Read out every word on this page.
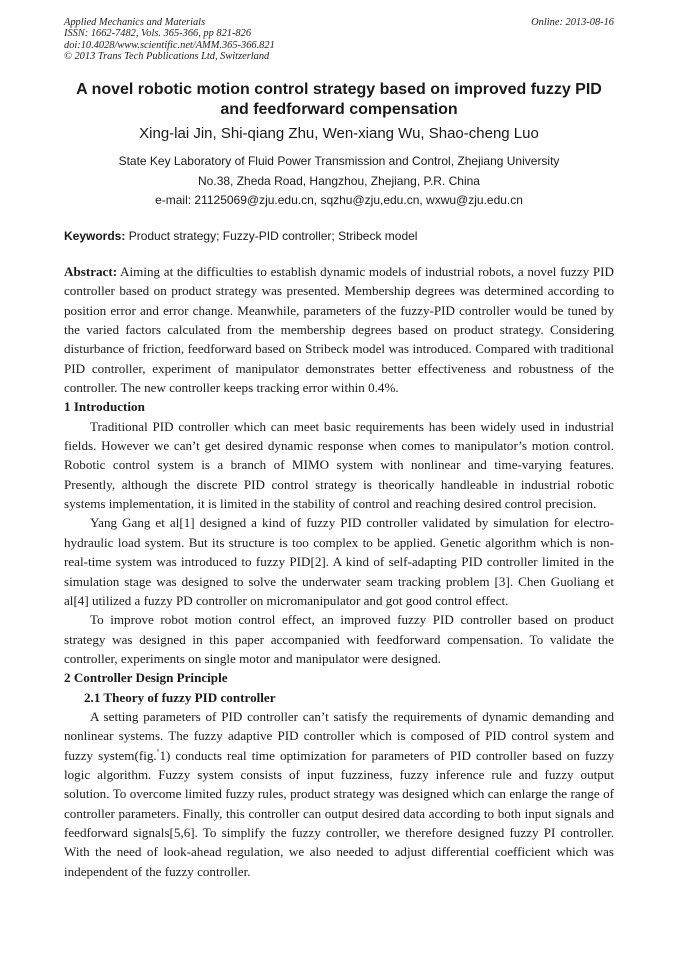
Applied Mechanics and Materials
ISSN: 1662-7482, Vols. 365-366, pp 821-826
doi:10.4028/www.scientific.net/AMM.365-366.821
© 2013 Trans Tech Publications Ltd, Switzerland
Online: 2013-08-16
A novel robotic motion control strategy based on improved fuzzy PID
and feedforward compensation
Xing-lai Jin, Shi-qiang Zhu, Wen-xiang Wu, Shao-cheng Luo
State Key Laboratory of Fluid Power Transmission and Control, Zhejiang University
No.38, Zheda Road, Hangzhou, Zhejiang, P.R. China
e-mail: 21125069@zju.edu.cn, sqzhu@zju,edu.cn, wxwu@zju.edu.cn
Keywords: Product strategy; Fuzzy-PID controller; Stribeck model

Abstract: Aiming at the difficulties to establish dynamic models of industrial robots, a novel fuzzy PID controller based on product strategy was presented. Membership degrees was determined according to position error and error change. Meanwhile, parameters of the fuzzy-PID controller would be tuned by the varied factors calculated from the membership degrees based on product strategy. Considering disturbance of friction, feedforward based on Stribeck model was introduced. Compared with traditional PID controller, experiment of manipulator demonstrates better effectiveness and robustness of the controller. The new controller keeps tracking error within 0.4%.

1 Introduction

Traditional PID controller which can meet basic requirements has been widely used in industrial fields. However we can’t get desired dynamic response when comes to manipulator’s motion control. Robotic control system is a branch of MIMO system with nonlinear and time-varying features. Presently, although the discrete PID control strategy is theorically handleable in industrial robotic systems implementation, it is limited in the stability of control and reaching desired control precision.

Yang Gang et al[1] designed a kind of fuzzy PID controller validated by simulation for electro-hydraulic load system. But its structure is too complex to be applied. Genetic algorithm which is non-real-time system was introduced to fuzzy PID[2]. A kind of self-adapting PID controller limited in the simulation stage was designed to solve the underwater seam tracking problem [3]. Chen Guoliang et al[4] utilized a fuzzy PD controller on micromanipulator and got good control effect.

To improve robot motion control effect, an improved fuzzy PID controller based on product strategy was designed in this paper accompanied with feedforward compensation. To validate the controller, experiments on single motor and manipulator were designed.

2 Controller Design Principle
2.1 Theory of fuzzy PID controller

A setting parameters of PID controller can’t satisfy the requirements of dynamic demanding and nonlinear systems. The fuzzy adaptive PID controller which is composed of PID control system and fuzzy system(fig.°1) conducts real time optimization for parameters of PID controller based on fuzzy logic algorithm. Fuzzy system consists of input fuzziness, fuzzy inference rule and fuzzy output solution. To overcome limited fuzzy rules, product strategy was designed which can enlarge the range of controller parameters. Finally, this controller can output desired data according to both input signals and feedforward signals[5,6]. To simplify the fuzzy controller, we therefore designed fuzzy PI controller. With the need of look-ahead regulation, we also needed to adjust differential coefficient which was independent of the fuzzy controller.
